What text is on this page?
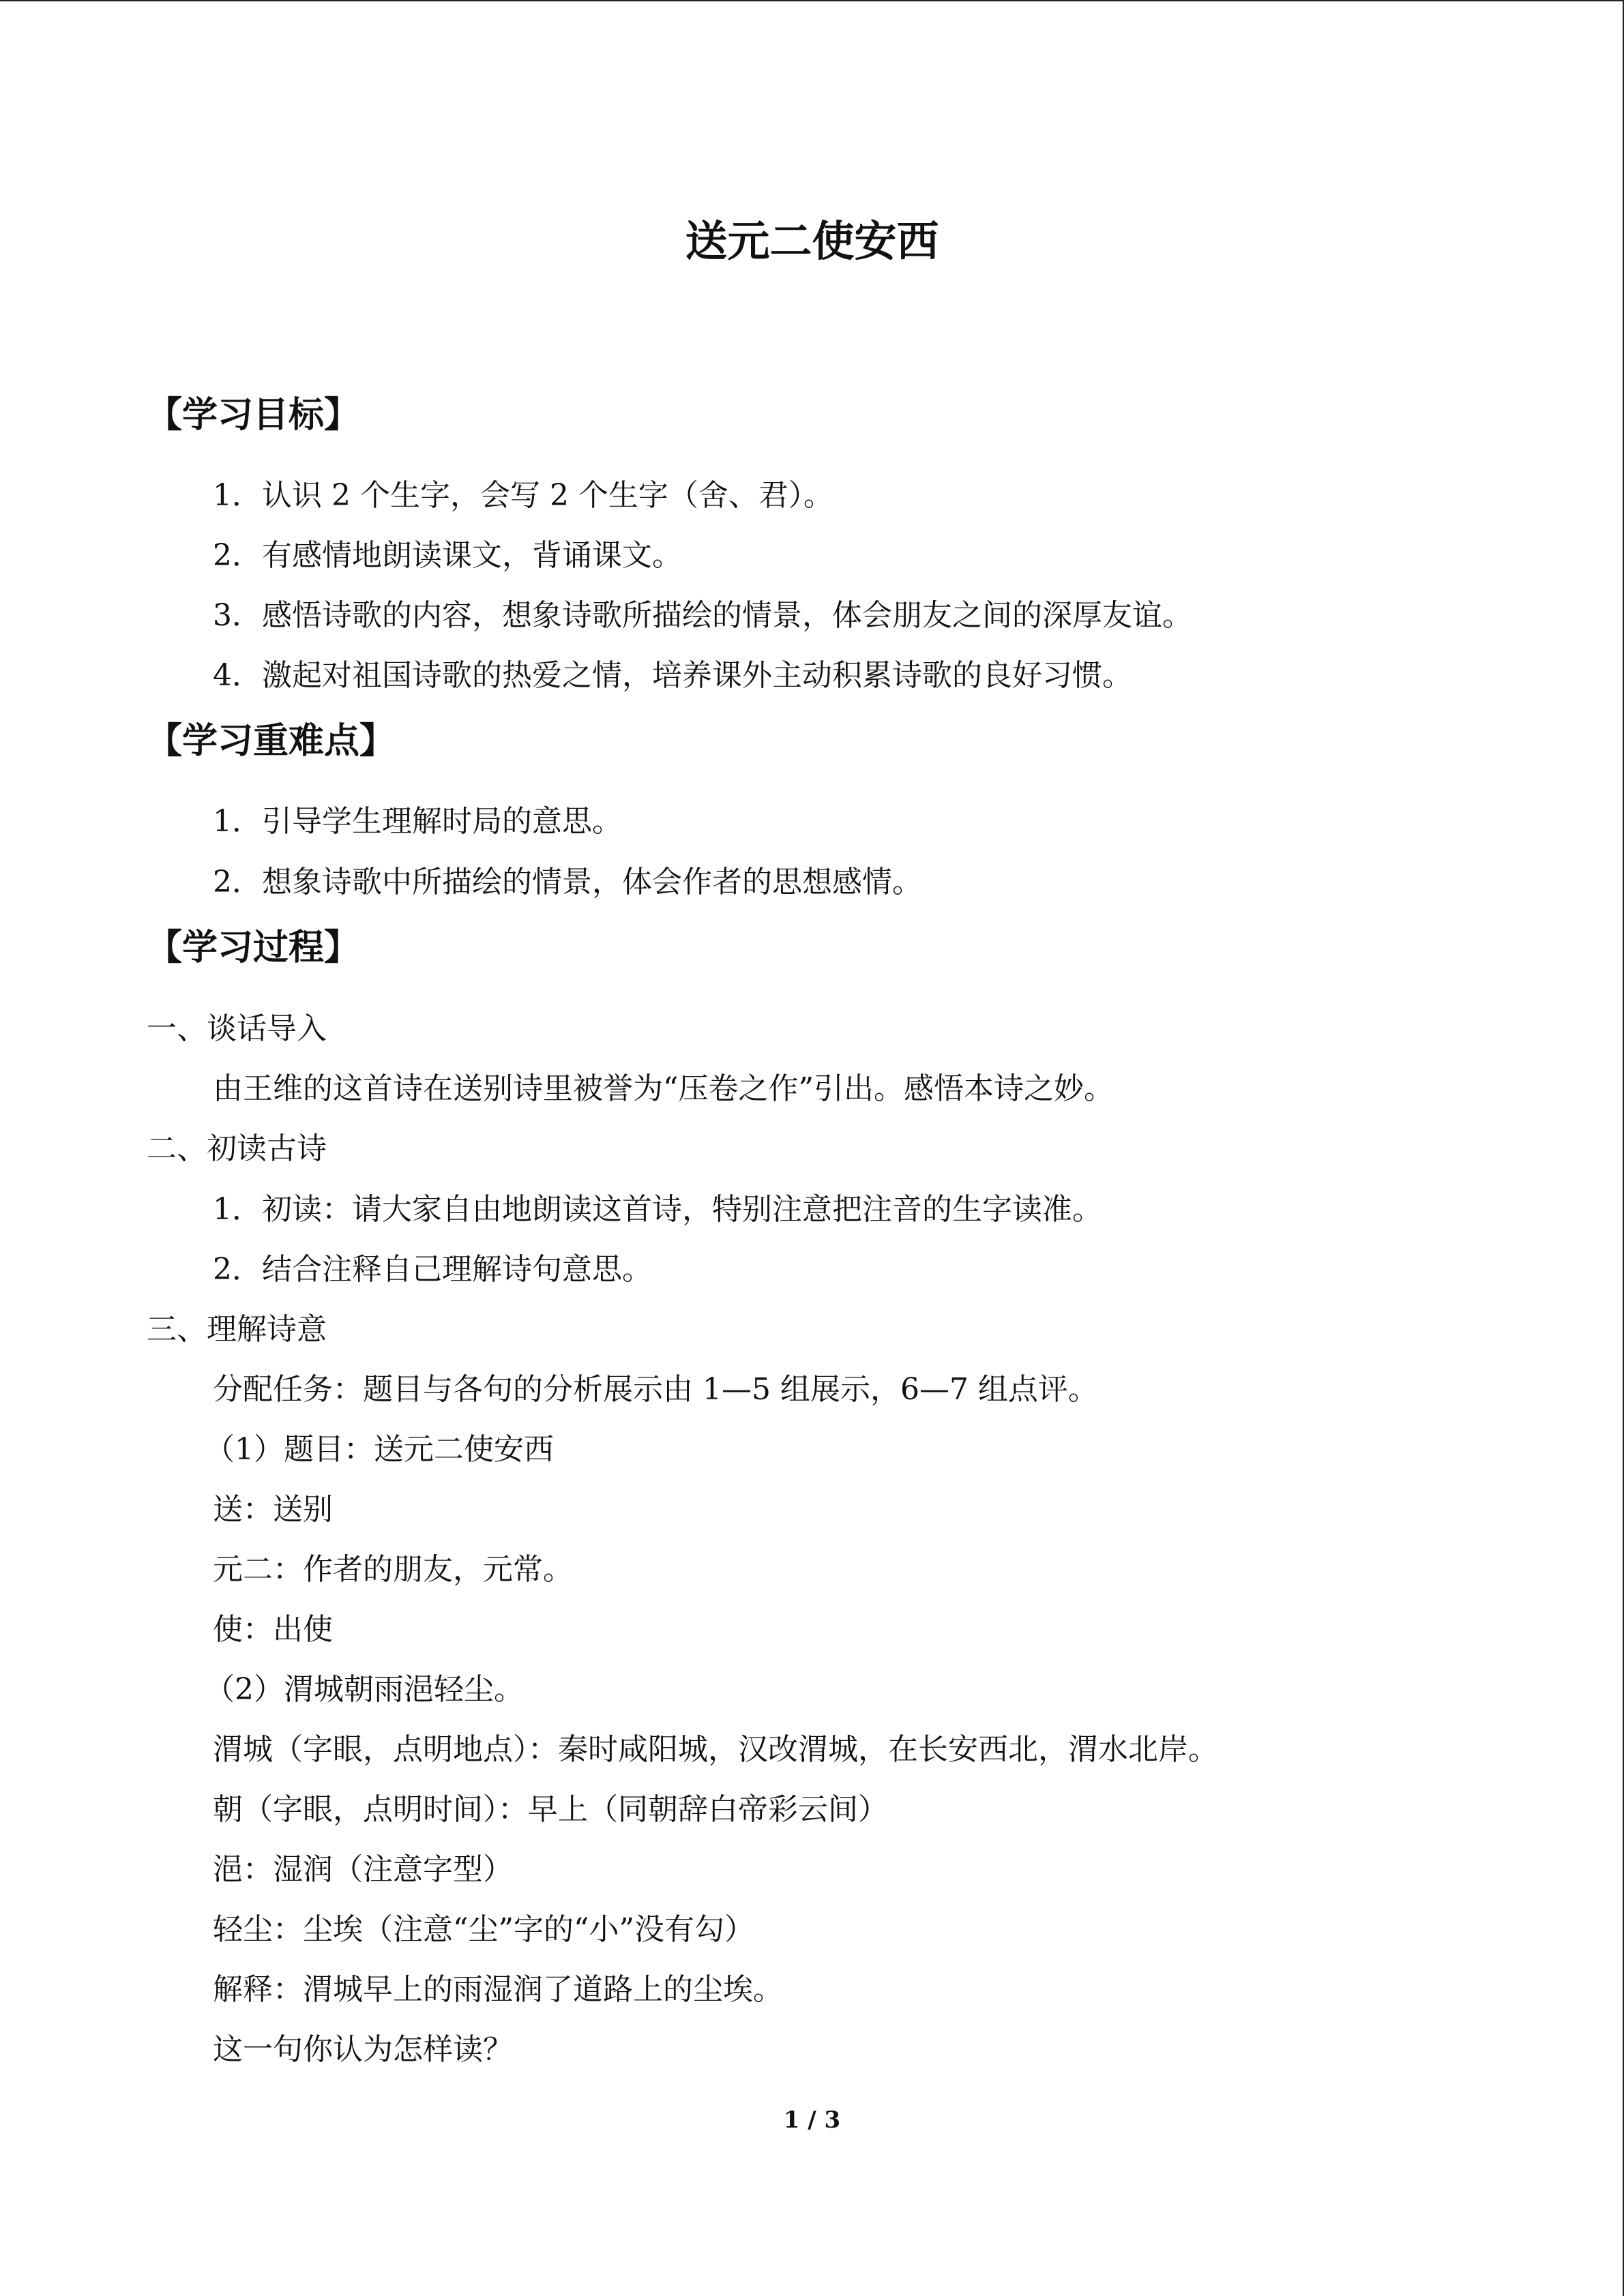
送元二使安西
【学习目标】
1．认识 2 个生字，会写 2 个生字（舍、君）。
2．有感情地朗读课文，背诵课文。
3．感悟诗歌的内容，想象诗歌所描绘的情景，体会朋友之间的深厚友谊。
4．激起对祖国诗歌的热爱之情，培养课外主动积累诗歌的良好习惯。
【学习重难点】
1．引导学生理解时局的意思。
2．想象诗歌中所描绘的情景，体会作者的思想感情。
【学习过程】
一、谈话导入
由王维的这首诗在送别诗里被誉为“压卷之作”引出。感悟本诗之妙。
二、初读古诗
1．初读：请大家自由地朗读这首诗，特别注意把注音的生字读准。
2．结合注释自己理解诗句意思。
三、理解诗意
分配任务：题目与各句的分析展示由 1—5 组展示，6—7 组点评。
（1）题目：送元二使安西
送：送别
元二：作者的朋友，元常。
使：出使
（2）渭城朝雨浥轻尘。
渭城（字眼，点明地点）：秦时咸阳城，汉改渭城，在长安西北，渭水北岸。
朝（字眼，点明时间）：早上（同朝辞白帝彩云间）
浥：湿润（注意字型）
轻尘：尘埃（注意“尘”字的“小”没有勾）
解释：渭城早上的雨湿润了道路上的尘埃。
这一句你认为怎样读？
1 / 3
